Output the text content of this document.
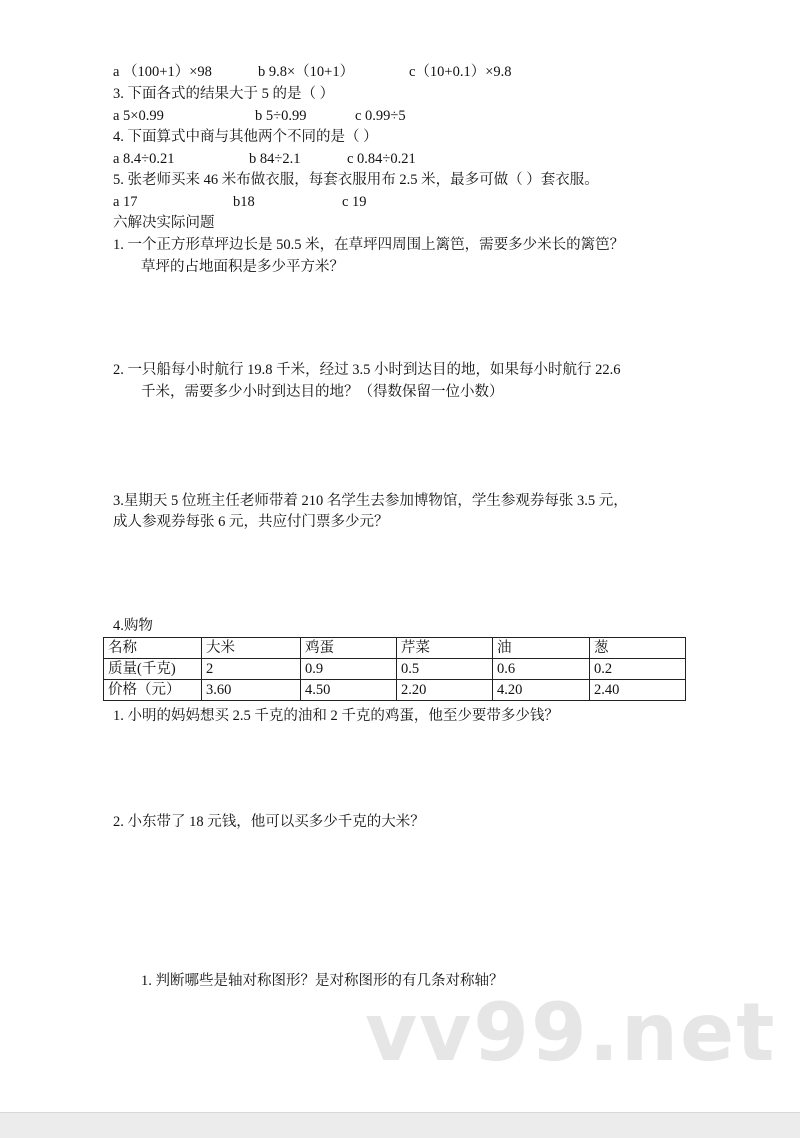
a （100+1）×98	b 9.8×（10+1）	c（10+0.1）×9.8
3. 下面各式的结果大于 5 的是（ ）
a 5×0.99	b 5÷0.99	c 0.99÷5
4. 下面算式中商与其他两个不同的是（ ）
a 8.4÷0.21	b 84÷2.1	c 0.84÷0.21
5. 张老师买来 46 米布做衣服，每套衣服用布 2.5 米，最多可做（ ）套衣服。
a 17	b18	c 19
六解决实际问题
1. 一个正方形草坪边长是 50.5 米，在草坪四周围上篱笆，需要多少米长的篱笆？
草坪的占地面积是多少平方米？
2. 一只船每小时航行 19.8 千米，经过 3.5 小时到达目的地，如果每小时航行 22.6
千米，需要多少小时到达目的地？（得数保留一位小数）
3.星期天 5 位班主任老师带着 210 名学生去参加博物馆，学生参观券每张 3.5 元，
成人参观券每张 6 元，共应付门票多少元？
4.购物
名称	大米	鸡蛋	芹菜	油	葱
质量(千克)	2	0.9	0.5	0.6	0.2
价格（元）	3.60	4.50	2.20	4.20	2.40
1. 小明的妈妈想买 2.5 千克的油和 2 千克的鸡蛋，他至少要带多少钱？
2. 小东带了 18 元钱，他可以买多少千克的大米？
1. 判断哪些是轴对称图形？是对称图形的有几条对称轴？
vv99.net
